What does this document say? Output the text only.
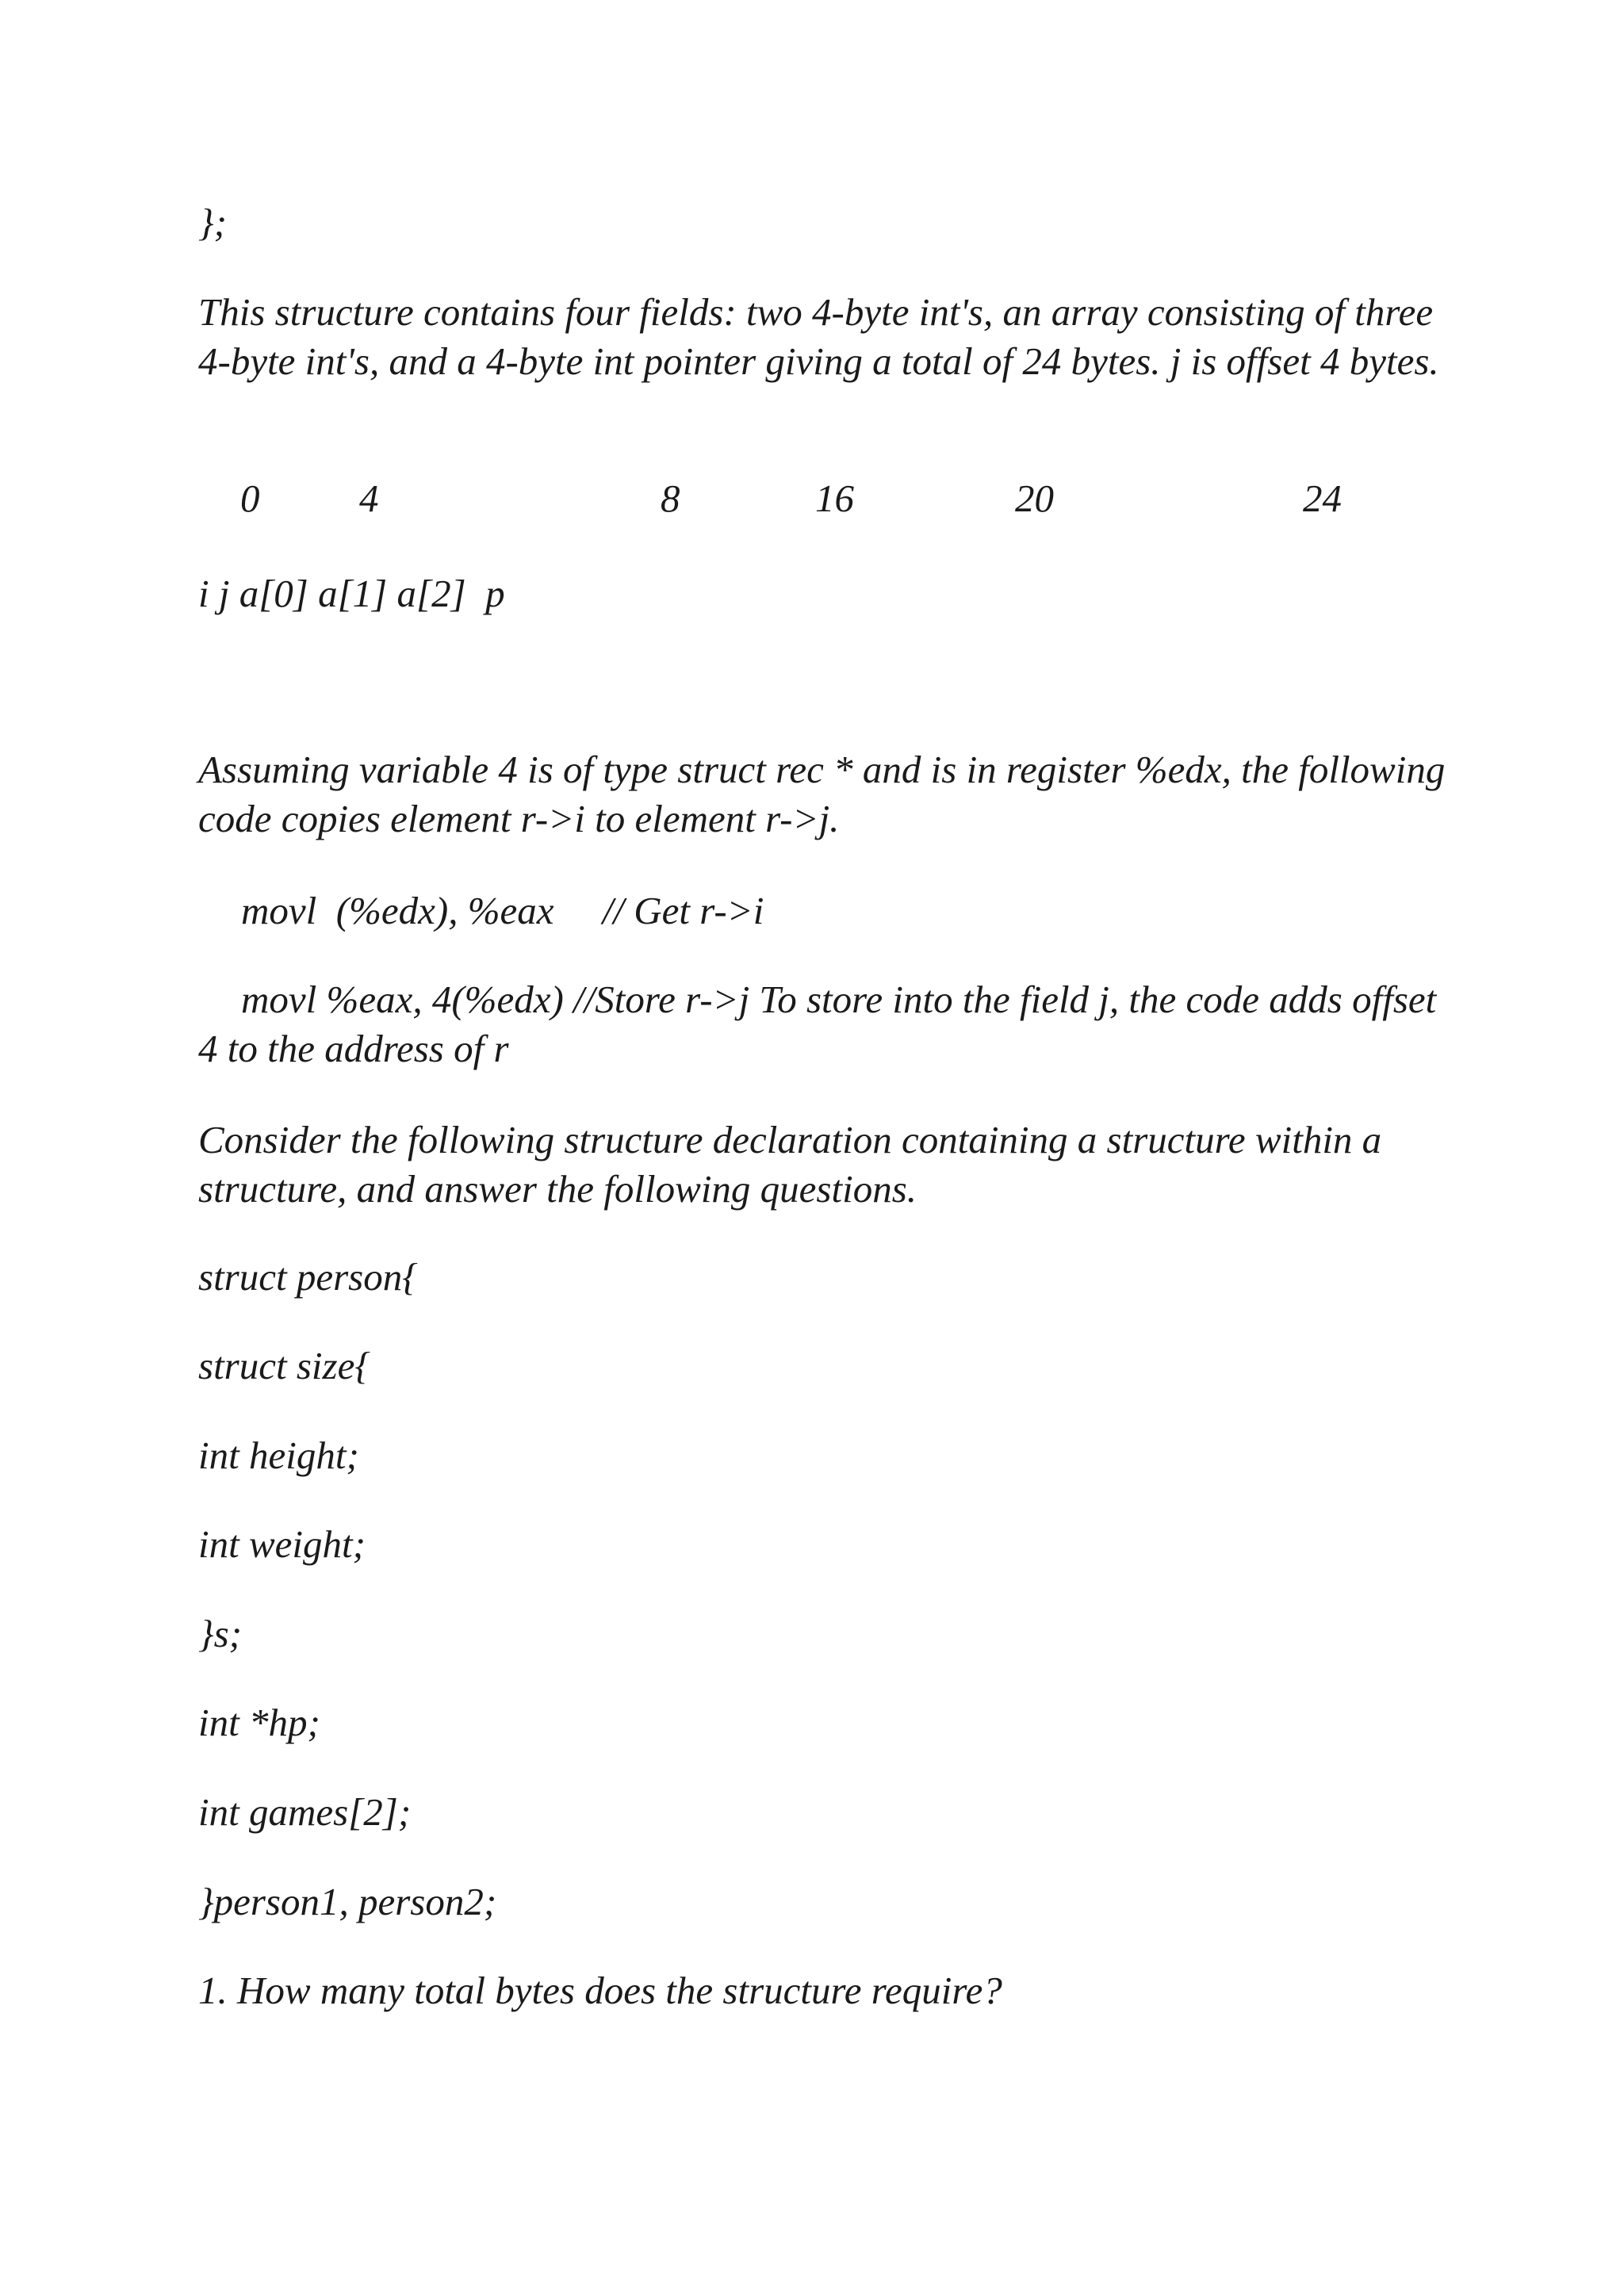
};

This structure contains four fields: two 4-byte int's, an array consisting of three 4-byte int's, and a 4-byte int pointer giving a total of 24 bytes. j is offset 4 bytes.

0	4	8	16	20	24

i j a[0] a[1] a[2]  p

Assuming variable 4 is of type struct rec * and is in register %edx, the following code copies element r->i to element r->j.

movl  (%edx), %eax     // Get r->i

movl %eax, 4(%edx) //Store r->j To store into the field j, the code adds offset 4 to the address of r

Consider the following structure declaration containing a structure within a structure, and answer the following questions.

struct person{

struct size{

int height;

int weight;

}s;

int *hp;

int games[2];

}person1, person2;

1. How many total bytes does the structure require?
